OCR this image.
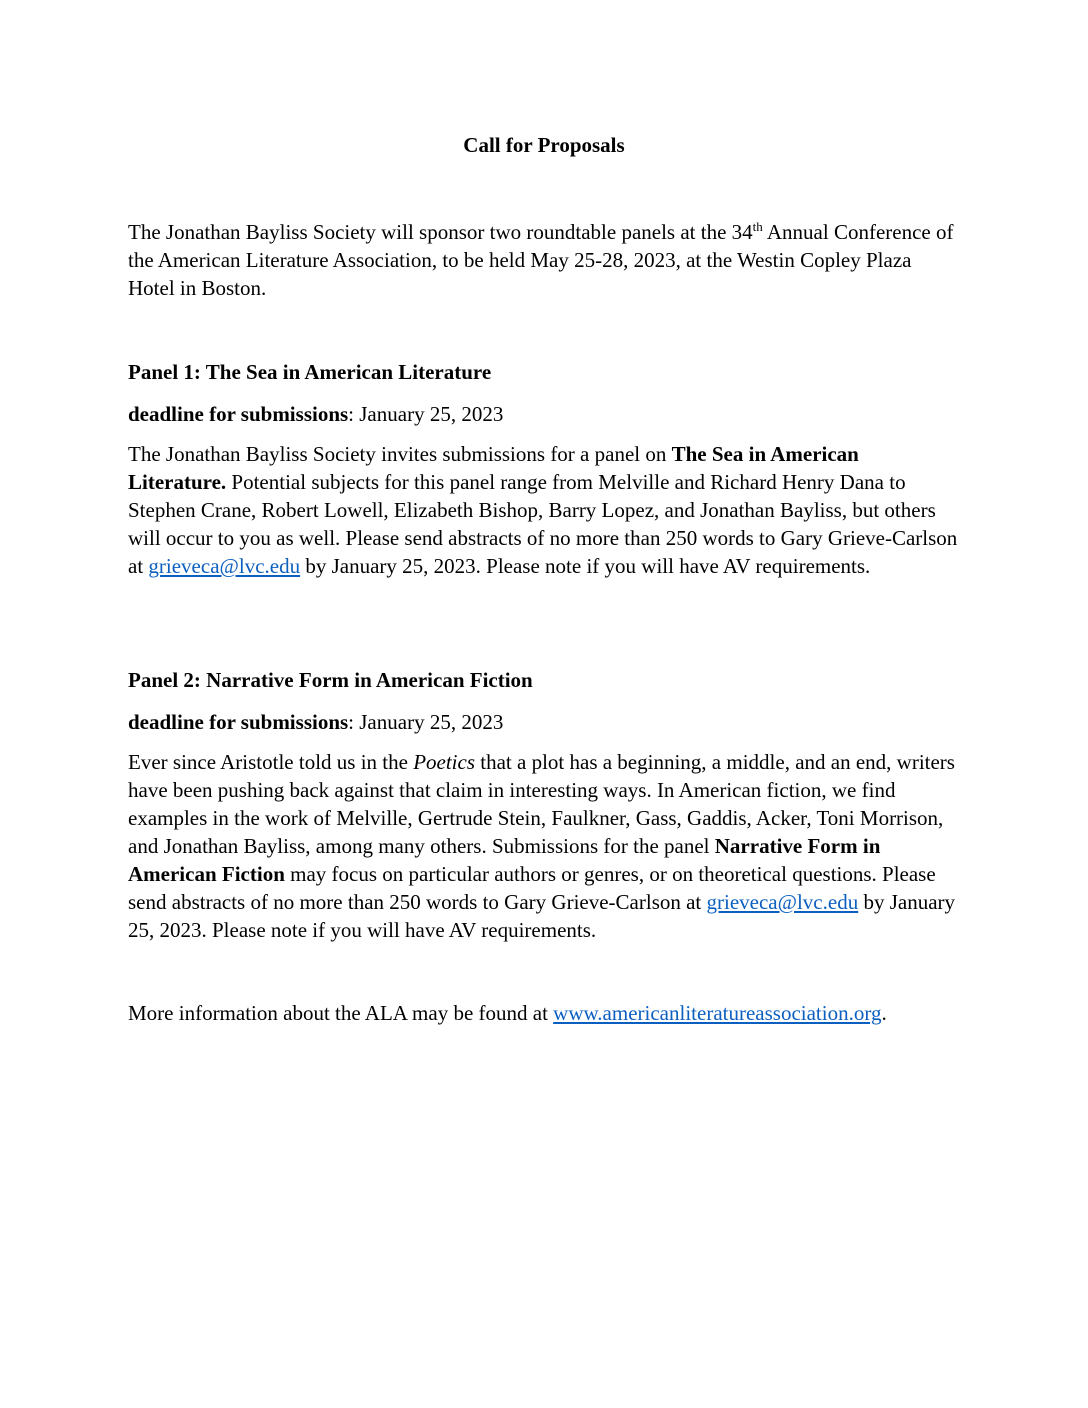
Call for Proposals

The Jonathan Bayliss Society will sponsor two roundtable panels at the 34th Annual Conference of the American Literature Association, to be held May 25-28, 2023, at the Westin Copley Plaza Hotel in Boston.

Panel 1: The Sea in American Literature

deadline for submissions: January 25, 2023

The Jonathan Bayliss Society invites submissions for a panel on The Sea in American Literature. Potential subjects for this panel range from Melville and Richard Henry Dana to Stephen Crane, Robert Lowell, Elizabeth Bishop, Barry Lopez, and Jonathan Bayliss, but others will occur to you as well. Please send abstracts of no more than 250 words to Gary Grieve-Carlson at grieveca@lvc.edu by January 25, 2023. Please note if you will have AV requirements.

Panel 2: Narrative Form in American Fiction

deadline for submissions: January 25, 2023

Ever since Aristotle told us in the Poetics that a plot has a beginning, a middle, and an end, writers have been pushing back against that claim in interesting ways. In American fiction, we find examples in the work of Melville, Gertrude Stein, Faulkner, Gass, Gaddis, Acker, Toni Morrison, and Jonathan Bayliss, among many others. Submissions for the panel Narrative Form in American Fiction may focus on particular authors or genres, or on theoretical questions. Please send abstracts of no more than 250 words to Gary Grieve-Carlson at grieveca@lvc.edu by January 25, 2023. Please note if you will have AV requirements.

More information about the ALA may be found at www.americanliteratureassociation.org.
